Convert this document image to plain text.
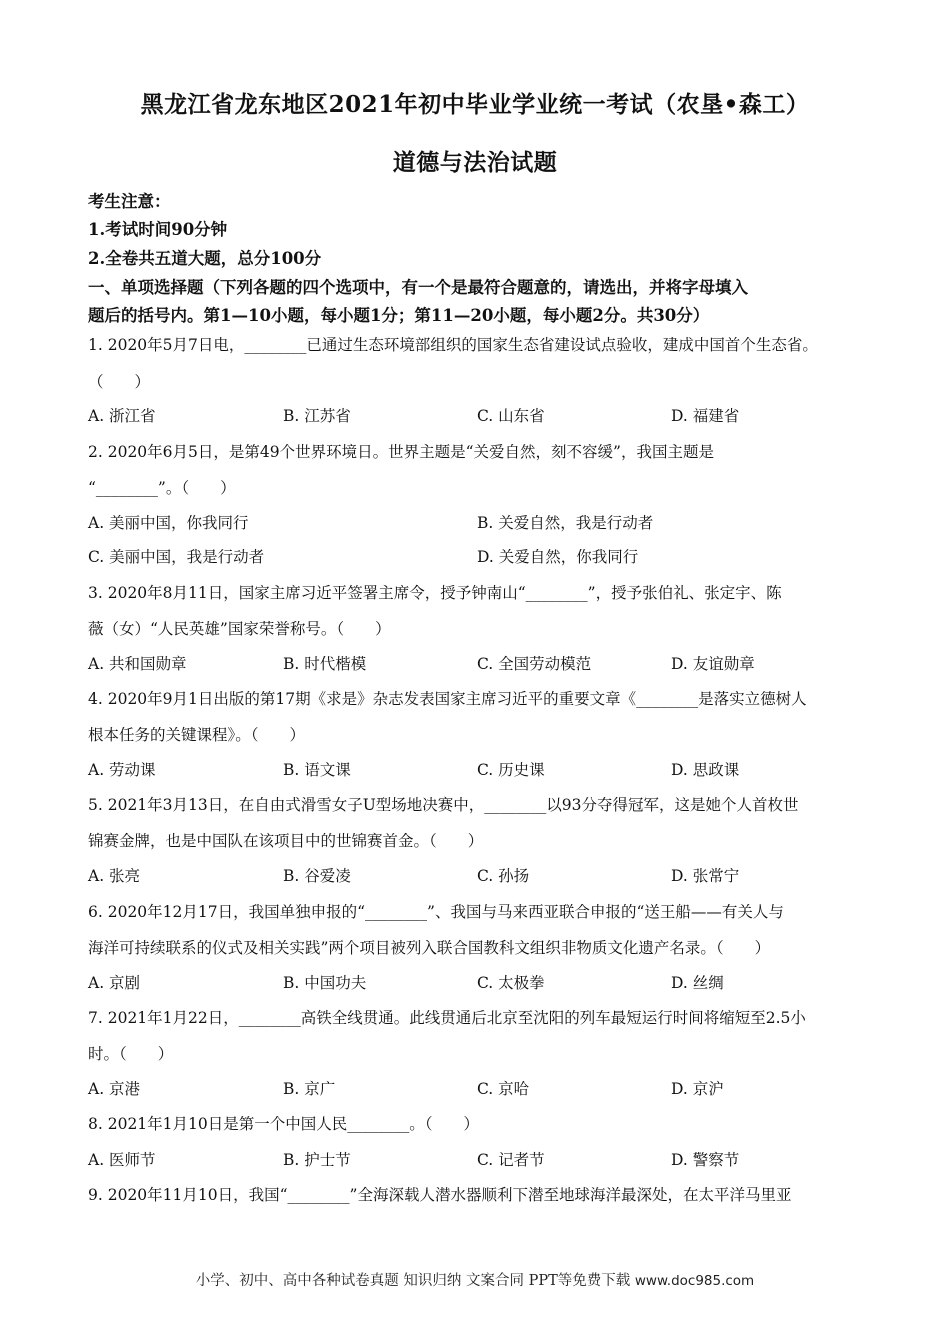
黑龙江省龙东地区2021年初中毕业学业统一考试（农垦•森工）
道德与法治试题
考生注意：
1.考试时间90分钟
2.全卷共五道大题，总分100分
一、单项选择题（下列各题的四个选项中，有一个是最符合题意的，请选出，并将字母填入
题后的括号内。第1—10小题，每小题1分；第11—20小题，每小题2分。共30分）
1. 2020年5月7日电，________已通过生态环境部组织的国家生态省建设试点验收，建成中国首个生态省。
（　　）
A. 浙江省	B. 江苏省	C. 山东省	D. 福建省
2. 2020年6月5日，是第49个世界环境日。世界主题是“关爱自然，刻不容缓”，我国主题是
“________”。（　　）
A. 美丽中国，你我同行	B. 关爱自然，我是行动者
C. 美丽中国，我是行动者	D. 关爱自然，你我同行
3. 2020年8月11日，国家主席习近平签署主席令，授予钟南山“________”，授予张伯礼、张定宇、陈
薇（女）“人民英雄”国家荣誉称号。（　　）
A. 共和国勋章	B. 时代楷模	C. 全国劳动模范	D. 友谊勋章
4. 2020年9月1日出版的第17期《求是》杂志发表国家主席习近平的重要文章《________是落实立德树人
根本任务的关键课程》。（　　）
A. 劳动课	B. 语文课	C. 历史课	D. 思政课
5. 2021年3月13日，在自由式滑雪女子U型场地决赛中，________以93分夺得冠军，这是她个人首枚世
锦赛金牌，也是中国队在该项目中的世锦赛首金。（　　）
A. 张亮	B. 谷爱凌	C. 孙扬	D. 张常宁
6. 2020年12月17日，我国单独申报的“________”、我国与马来西亚联合申报的“送王船——有关人与
海洋可持续联系的仪式及相关实践”两个项目被列入联合国教科文组织非物质文化遗产名录。（　　）
A. 京剧	B. 中国功夫	C. 太极拳	D. 丝绸
7. 2021年1月22日，________高铁全线贯通。此线贯通后北京至沈阳的列车最短运行时间将缩短至2.5小
时。（　　）
A. 京港	B. 京广	C. 京哈	D. 京沪
8. 2021年1月10日是第一个中国人民________。（　　）
A. 医师节	B. 护士节	C. 记者节	D. 警察节
9. 2020年11月10日，我国“________”全海深载人潜水器顺利下潜至地球海洋最深处，在太平洋马里亚
小学、初中、高中各种试卷真题 知识归纳 文案合同 PPT等免费下载 www.doc985.com
